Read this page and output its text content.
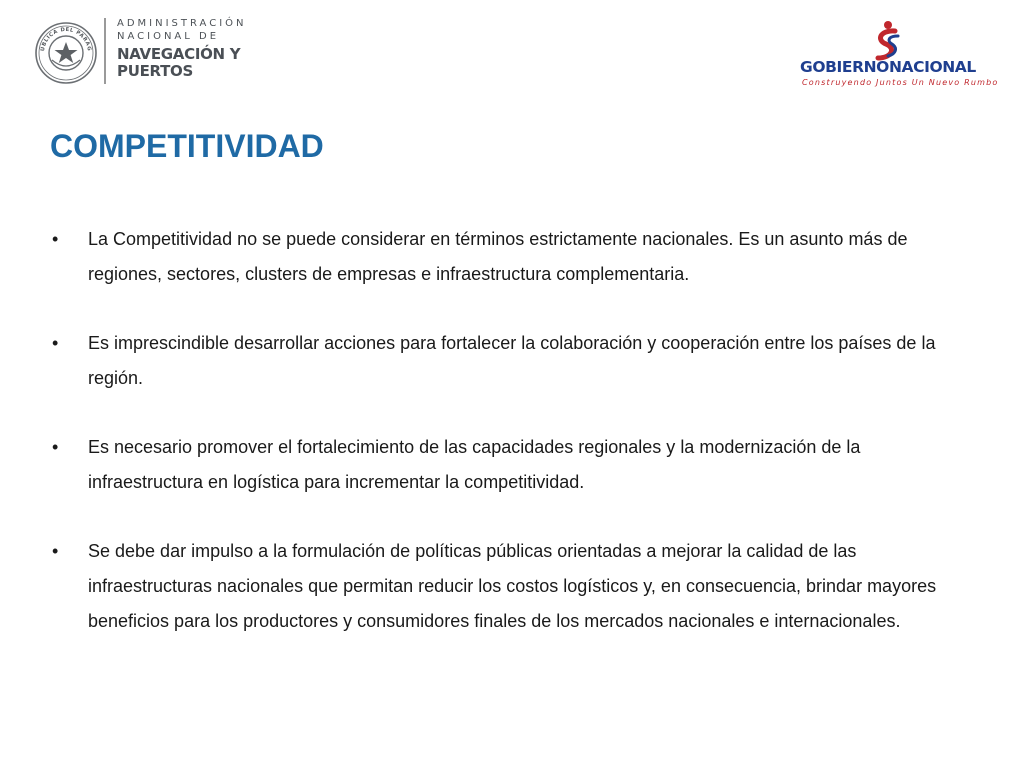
ÚBLICA DEL PARAG
ADMINISTRACIÓN
NACIONAL DE
NAVEGACIÓN Y
PUERTOS	GOBIERNONACIONAL
Construyendo Juntos Un Nuevo Rumbo
COMPETITIVIDAD
• La Competitividad no se puede considerar en términos estrictamente nacionales. Es un asunto más de regiones, sectores, clusters de empresas e infraestructura complementaria.
• Es imprescindible desarrollar acciones para fortalecer la colaboración y cooperación entre los países de la región.
• Es necesario promover el fortalecimiento de las capacidades regionales y la modernización de la infraestructura en logística para incrementar la competitividad.
• Se debe dar impulso a la formulación de políticas públicas orientadas a mejorar la calidad de las infraestructuras nacionales que permitan reducir los costos logísticos y, en consecuencia, brindar mayores beneficios para los productores y consumidores finales de los mercados nacionales e internacionales.
